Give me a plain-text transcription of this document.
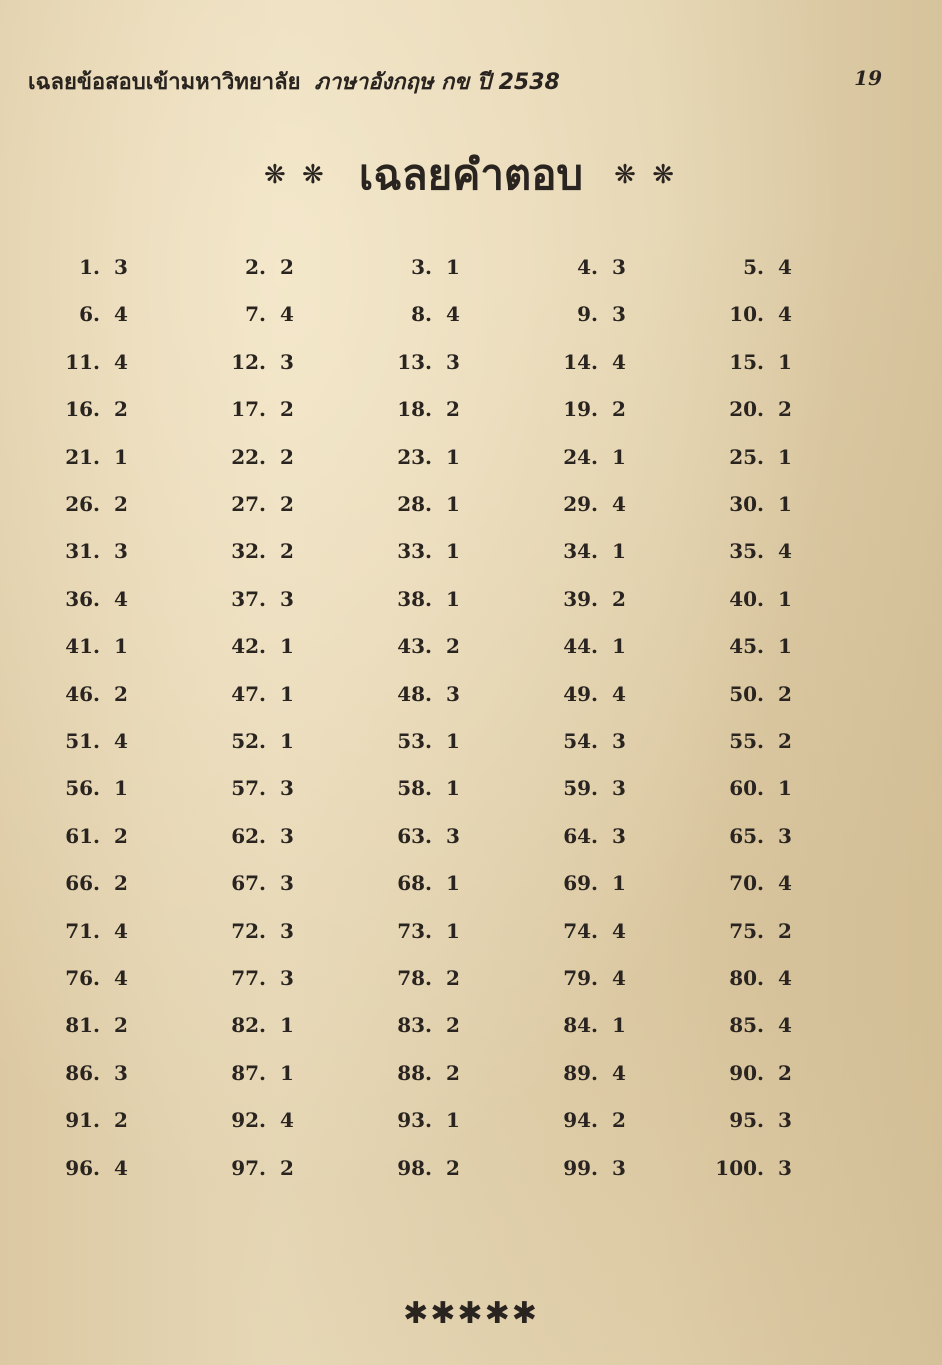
เฉลยข้อสอบเข้ามหาวิทยาลัย ภาษาอังกฤษ กข ปี 2538	19
❋ ❋ เฉลยคำตอบ ❋ ❋
1. 3	2. 2	3. 1	4. 3	5. 4
6. 4	7. 4	8. 4	9. 3	10. 4
11. 4	12. 3	13. 3	14. 4	15. 1
16. 2	17. 2	18. 2	19. 2	20. 2
21. 1	22. 2	23. 1	24. 1	25. 1
26. 2	27. 2	28. 1	29. 4	30. 1
31. 3	32. 2	33. 1	34. 1	35. 4
36. 4	37. 3	38. 1	39. 2	40. 1
41. 1	42. 1	43. 2	44. 1	45. 1
46. 2	47. 1	48. 3	49. 4	50. 2
51. 4	52. 1	53. 1	54. 3	55. 2
56. 1	57. 3	58. 1	59. 3	60. 1
61. 2	62. 3	63. 3	64. 3	65. 3
66. 2	67. 3	68. 1	69. 1	70. 4
71. 4	72. 3	73. 1	74. 4	75. 2
76. 4	77. 3	78. 2	79. 4	80. 4
81. 2	82. 1	83. 2	84. 1	85. 4
86. 3	87. 1	88. 2	89. 4	90. 2
91. 2	92. 4	93. 1	94. 2	95. 3
96. 4	97. 2	98. 2	99. 3	100. 3
✱✱✱✱✱
